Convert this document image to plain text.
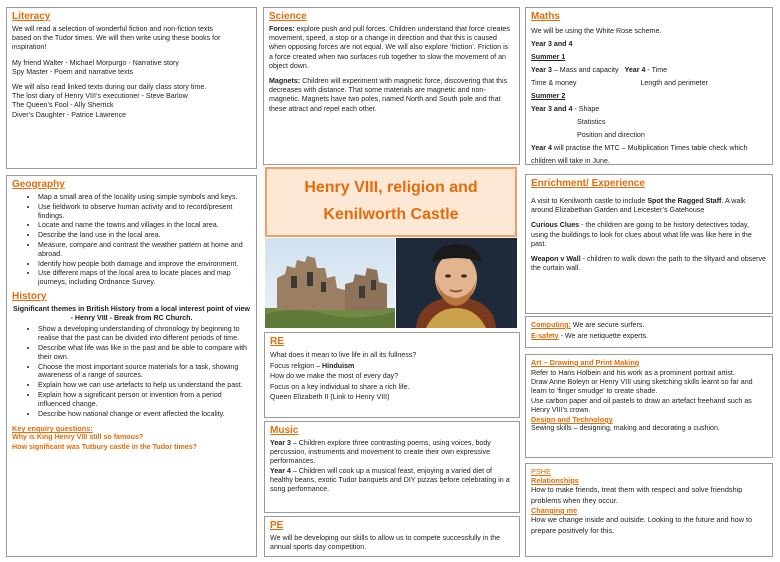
Literacy

We will read a selection of wonderful fiction and non-fiction texts

based on the Tudor times. We will then write using these books for

inspiration!

My friend Walter - Michael Morpurgo - Narrative story

Spy Master - Poem and narrative texts

We will also read linked texts during our daily class story time.

The lost diary of Henry VIII’s executioner - Steve Barlow

The Queen’s Fool - Ally Sherrick

Diver’s Daughter - Patrice Lawrence

Science

Forces: explore push and pull forces. Children understand that force creates movement, speed, a stop or a change in direction and that this is caused when opposing forces are not equal. We will also explore ‘friction’. Friction is a force created when two surfaces rub together to slow the movement of an object down.

Magnets: Children will experiment with magnetic force, discovering that this decreases with distance. That some materials are magnetic and non-magnetic. Magnets have two poles, named North and South pole and that these attract and repel each other.

Maths

We will be using the White Rose scheme.

Year 3 and 4

Summer 1

Year 3 – Mass and capacity Year 4 - Time

Time & money	Length and perimeter

Summer 2

Year 3 and 4 - Shape

Statistics

Position and direction

Year 4 will practise the MTC – Multiplication Times table check which children will take in June.

Geography

• Map a small area of the locality using simple symbols and keys.
• Use fieldwork to observe human activity and to record/present findings.
• Locate and name the towns and villages in the local area.
• Describe the land use in the local area.
• Measure, compare and contrast the weather pattern at home and abroad.
• Identify how people both damage and improve the environment.
• Use different maps of the local area to locate places and map journeys, including Ordnance Survey.

History

Significant themes in British History from a local interest point of view - Henry VIII - Break from RC Church.

• Show a developing understanding of chronology by beginning to realise that the past can be divided into different periods of time.
• Describe what life was like in the past and be able to compare with their own.
• Choose the most important source materials for a task, showing awareness of a range of sources.
• Explain how we can use artefacts to help us understand the past.
• Explain how a significant person or invention from a period influenced change.
• Describe how national change or event affected the locality.

Key enquiry questions:

Why is King Henry VIII still so famous?

How significant was Tutbury castle in the Tudor times?

Henry VIII, religion and
Kenilworth Castle

RE

What does it mean to live life in all its fullness?

Focus religion – Hinduism

How do we make the most of every day?

Focus on a key individual to share a rich life.

Queen Elizabeth II (Link to Henry VIII)

Music

Year 3 – Children explore three contrasting poems, using voices, body percussion, instruments and movement to create their own expressive performances.

Year 4 – Children will cook up a musical feast, enjoying a varied diet of healthy beans, exotic Tudor banquets and DIY pizzas before celebrating in a song performance.

PE

We will be developing our skills to allow us to compete successfully in the annual sports day competition.

Enrichment/ Experience

A visit to Kenilworth castle to include Spot the Ragged Staff. A walk around Elizabethan Garden and Leicester’s Gatehouse

Curious Clues - the children are going to be history detectives today, using the buildings to look for clues about what life was like here in the past.

Weapon v Wall - children to walk down the path to the tiltyard and observe the curtain wall.

Computing: We are secure surfers.

E-safety - We are netiquette experts.

Art – Drawing and Print Making

Refer to Hans Holbein and his work as a prominent portrait artist.

Draw Anne Boleyn or Henry VIII using sketching skills learnt so far and learn to ‘finger smudge’ to create shade.

Use carbon paper and oil pastels to draw an artefact freehand such as Henry VIII’s crown.

Design and Technology

Sewing skills – designing, making and decorating a cushion.

PSHE

Relationships

How to make friends, treat them with respect and solve friendship problems when they occur.

Changing me

How we change inside and outside. Looking to the future and how to prepare positively for this.
